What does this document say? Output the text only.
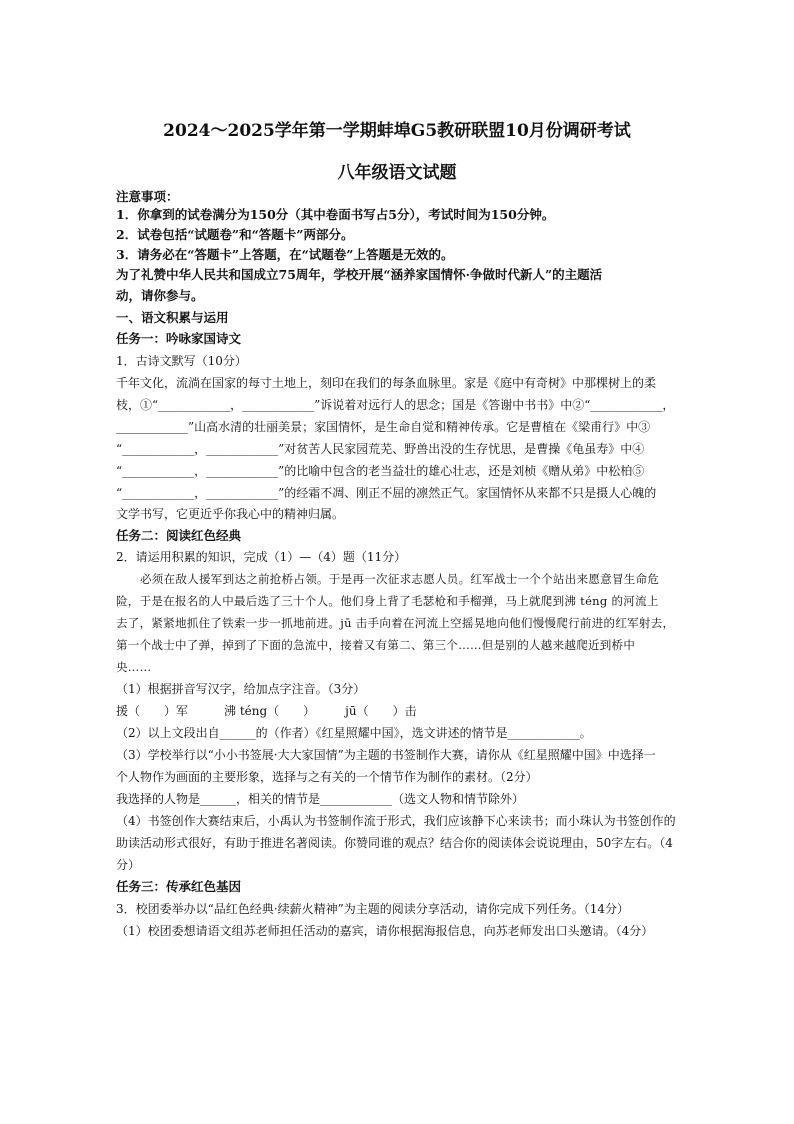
2024～2025学年第一学期蚌埠G5教研联盟10月份调研考试
八年级语文试题
注意事项：
1．你拿到的试卷满分为150分（其中卷面书写占5分），考试时间为150分钟。
2．试卷包括“试题卷”和“答题卡”两部分。
3．请务必在“答题卡”上答题，在“试题卷”上答题是无效的。
为了礼赞中华人民共和国成立75周年，学校开展“涵养家国情怀·争做时代新人”的主题活
动，请你参与。
一、语文积累与运用
任务一：吟咏家国诗文
1．古诗文默写（10分）
千年文化，流淌在国家的每寸土地上，刻印在我们的每条血脉里。家是《庭中有奇树》中那棵树上的柔
枝，①“____________，____________”诉说着对远行人的思念；国是《答谢中书书》中②“____________，
____________”山高水清的壮丽美景；家国情怀，是生命自觉和精神传承。它是曹植在《梁甫行》中③
“____________，____________”对贫苦人民家园荒芜、野兽出没的生存忧思，是曹操《龟虽寿》中④
“____________，____________”的比喻中包含的老当益壮的雄心壮志，还是刘桢《赠从弟》中松柏⑤
“____________，____________”的经霜不凋、刚正不屈的凛然正气。家国情怀从来都不只是摄人心魄的
文学书写，它更近乎你我心中的精神归属。
任务二：阅读红色经典
2．请运用积累的知识，完成（1）—（4）题（11分）
必须在敌人援军到达之前抢桥占领。于是再一次征求志愿人员。红军战士一个个站出来愿意冒生命危
险，于是在报名的人中最后选了三十个人。他们身上背了毛瑟枪和手榴弹，马上就爬到沸 téng 的河流上
去了，紧紧地抓住了铁索一步一抓地前进。jū 击手向着在河流上空摇晃地向他们慢慢爬行前进的红军射去，
第一个战士中了弹，掉到了下面的急流中，接着又有第二、第三个……但是别的人越来越爬近到桥中
央……
（1）根据拼音写汉字，给加点字注音。（3分）
援（　　）军　　　沸 téng（　　）　　　jū（　　）击
（2）以上文段出自______的（作者）《红星照耀中国》，选文讲述的情节是____________。
（3）学校举行以“小小书签展·大大家国情”为主题的书签制作大赛，请你从《红星照耀中国》中选择一
个人物作为画面的主要形象，选择与之有关的一个情节作为制作的素材。（2分）
我选择的人物是______，相关的情节是____________（选文人物和情节除外）
（4）书签创作大赛结束后，小禹认为书签制作流于形式，我们应该静下心来读书；而小珠认为书签创作的
助读活动形式很好，有助于推进名著阅读。你赞同谁的观点？结合你的阅读体会说说理由，50字左右。（4
分）
任务三：传承红色基因
3．校团委举办以“品红色经典·续薪火精神”为主题的阅读分享活动，请你完成下列任务。（14分）
（1）校团委想请语文组苏老师担任活动的嘉宾，请你根据海报信息，向苏老师发出口头邀请。（4分）
